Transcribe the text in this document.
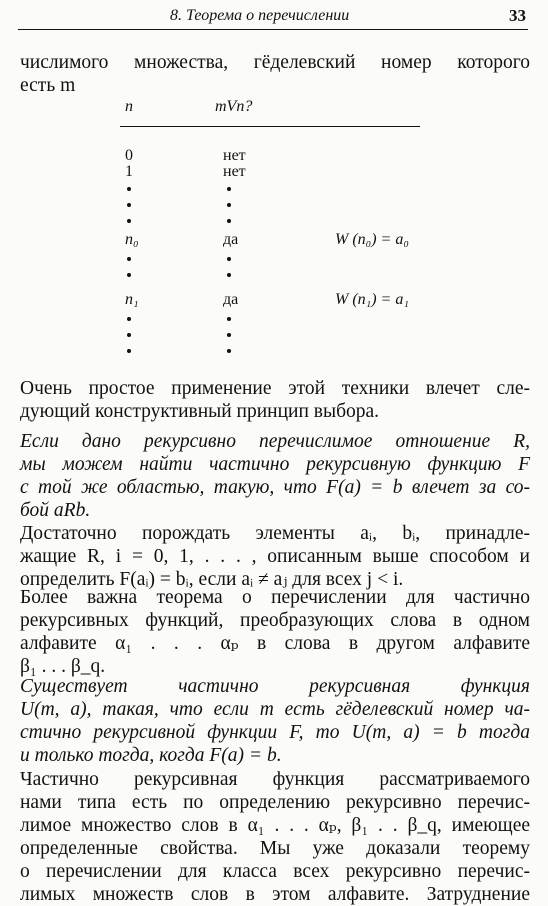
8. Теорема о перечислении	33
числимого множества, гёделевский номер которого
есть m
n	mVn?
0	нет
1	нет
n₀	да	W (n₀) = a₀
n₁	да	W (n₁) = a₁
Очень простое применение этой техники влечет сле-
дующий конструктивный принцип выбора.
Если дано рекурсивно перечислимое отношение R,
мы можем найти частично рекурсивную функцию F
с той же областью, такую, что F(a) = b влечет за со-
бой aRb.
Достаточно порождать элементы aᵢ, bᵢ, принадле-
жащие R, i = 0, 1, . . . , описанным выше способом и
определить F(aᵢ) = bᵢ, если aᵢ ≠ aⱼ для всех j < i.
Более важна теорема о перечислении для частично
рекурсивных функций, преобразующих слова в одном
алфавите α₁ . . . αₚ в слова в другом алфавите
β₁ . . . β_q.
Существует частично рекурсивная функция
U(m, a), такая, что если m есть гёделевский номер ча-
стично рекурсивной функции F, то U(m, a) = b тогда
и только тогда, когда F(a) = b.
Частично рекурсивная функция рассматриваемого
нами типа есть по определению рекурсивно перечис-
лимое множество слов в α₁ . . . αₚ, β₁ . . β_q, имеющее
определенные свойства. Мы уже доказали теорему
о перечислении для класса всех рекурсивно перечис-
лимых множеств слов в этом алфавите. Затруднение
